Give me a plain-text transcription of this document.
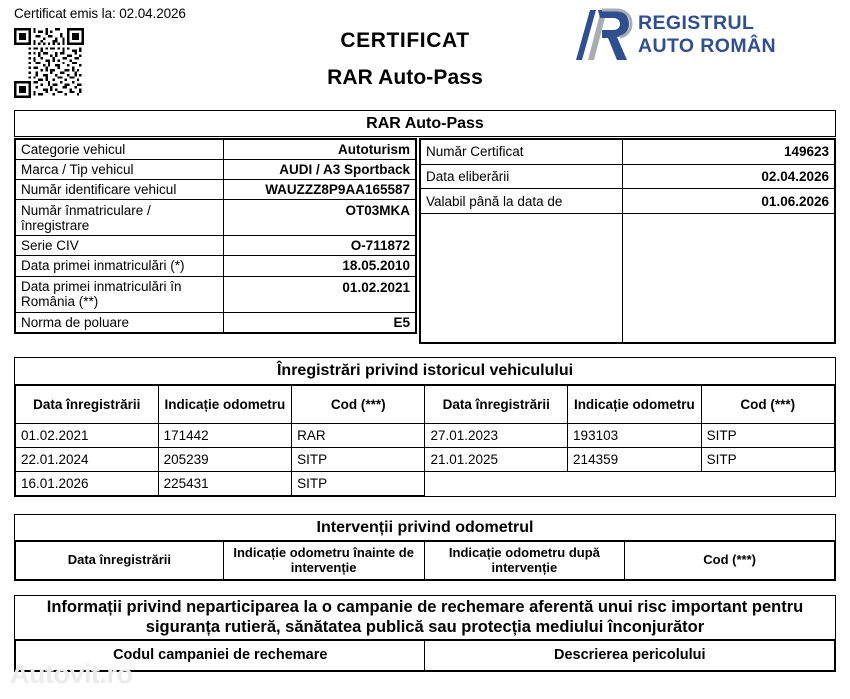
Certificat emis la: 02.04.2026
CERTIFICAT
RAR Auto-Pass
REGISTRUL
AUTO ROMÂN
RAR Auto-Pass
Categorie vehicul	Autoturism
Marca / Tip vehicul	AUDI / A3 Sportback
Număr identificare vehicul	WAUZZZ8P9AA165587
Număr înmatriculare / înregistrare	OT03MKA
Serie CIV	O-711872
Data primei inmatriculări (*)	18.05.2010
Data primei inmatriculări în România (**)	01.02.2021
Norma de poluare	E5
Număr Certificat	149623
Data eliberării	02.04.2026
Valabil până la data de	01.06.2026

Înregistrări privind istoricul vehiculului
Data înregistrării	Indicație odometru	Cod (***)	Data înregistrării	Indicație odometru	Cod (***)
01.02.2021	171442	RAR	27.01.2023	193103	SITP
22.01.2024	205239	SITP	21.01.2025	214359	SITP
16.01.2026	225431	SITP			
Intervenții privind odometrul
Data înregistrării	Indicație odometru înainte de intervenție	Indicație odometru după intervenție	Cod (***)
Informații privind neparticiparea la o campanie de rechemare aferentă unui risc important pentru siguranța rutieră, sănătatea publică sau protecția mediului înconjurător
Codul campaniei de rechemare	Descrierea pericolului
Autovit.ro
